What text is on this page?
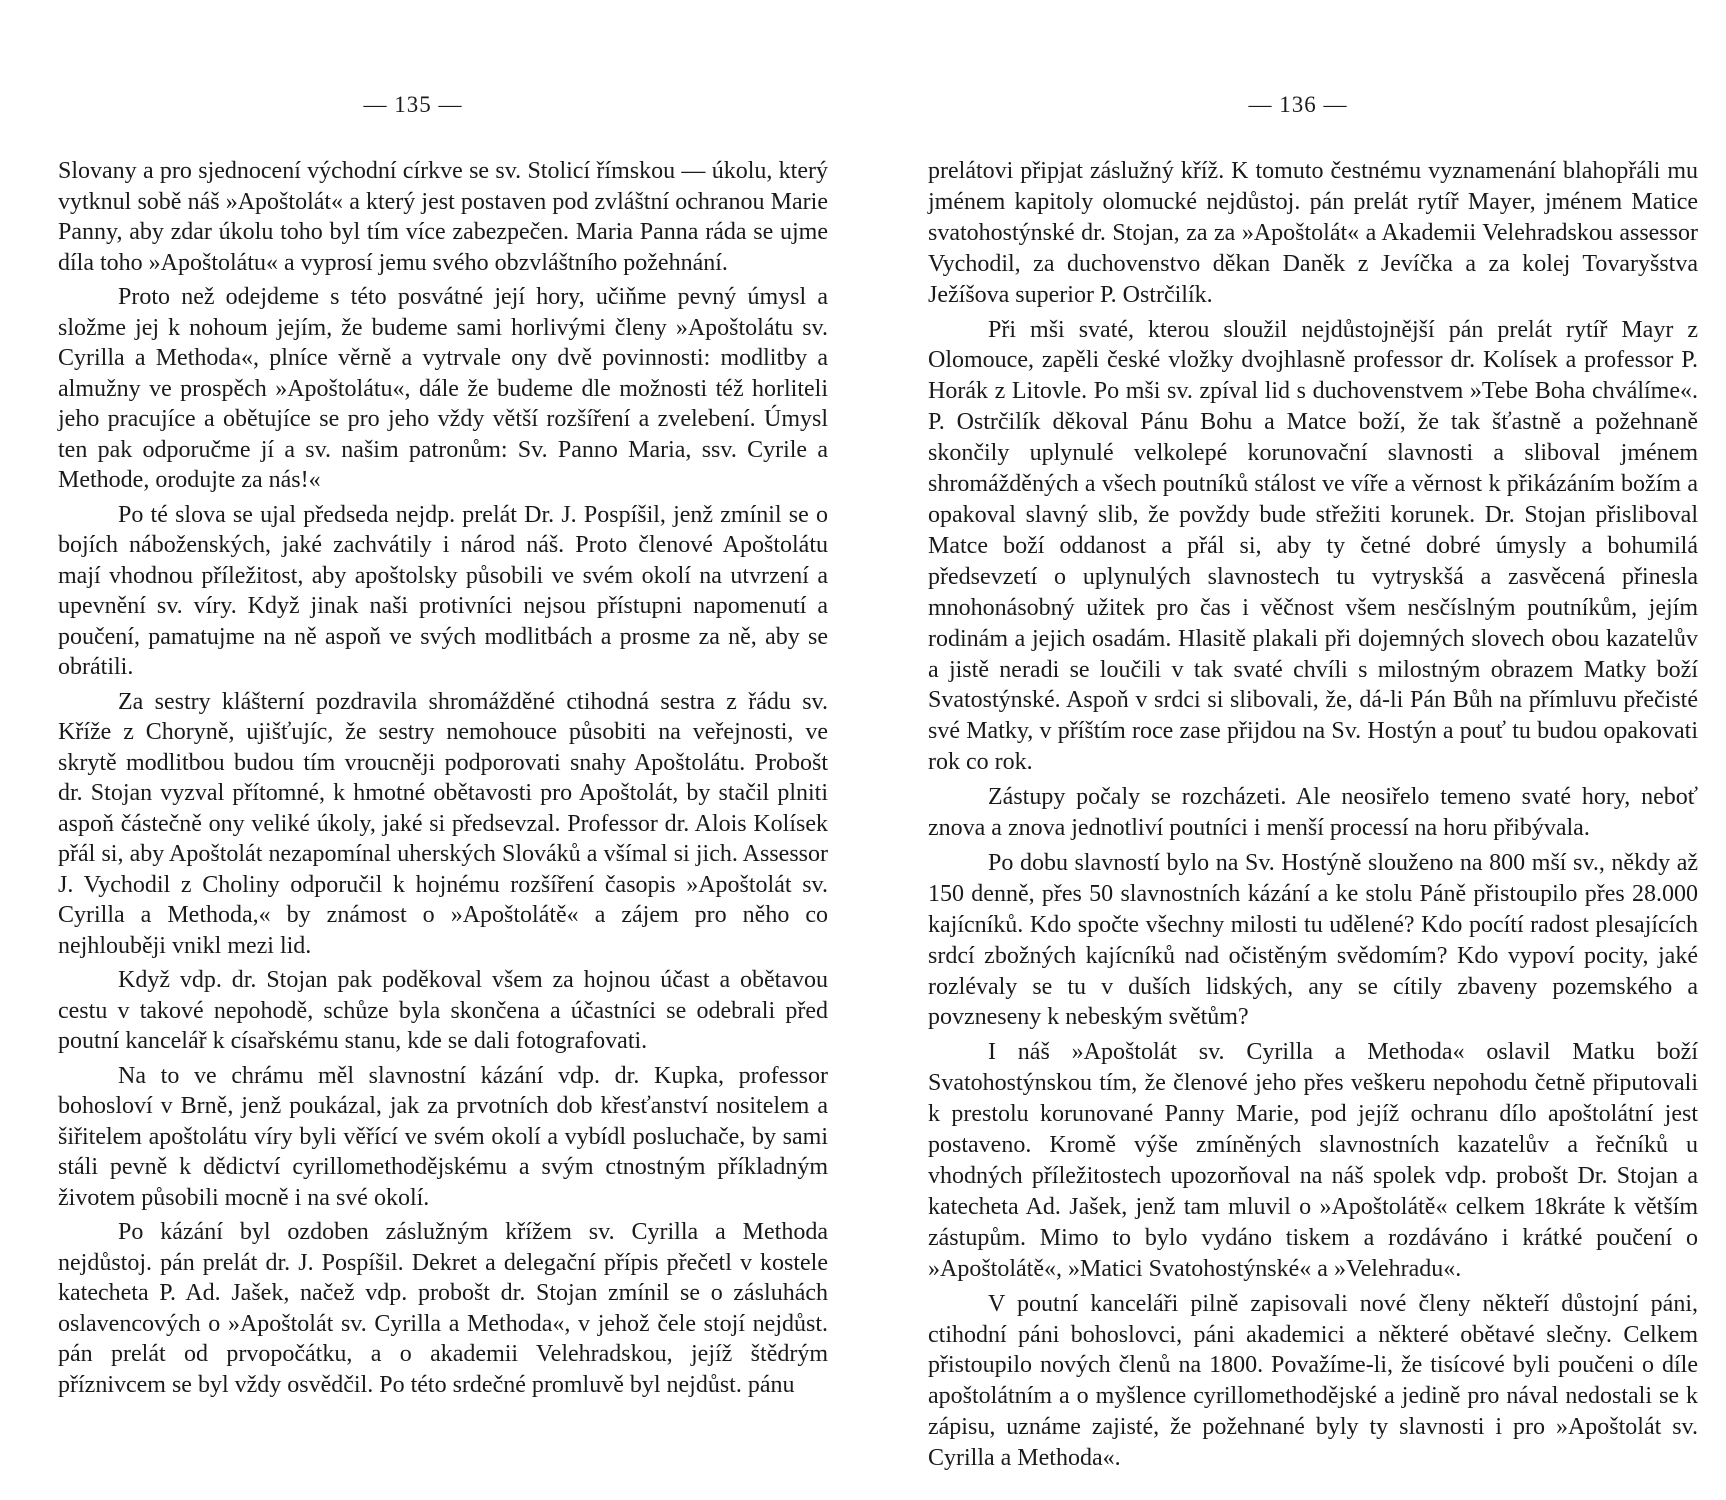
— 135 —

Slovany a pro sjednocení východní církve se sv. Stolicí římskou — úkolu, který vytknul sobě náš »Apoštolát« a který jest postaven pod zvláštní ochranou Marie Panny, aby zdar úkolu toho byl tím více zabezpečen. Maria Panna ráda se ujme díla toho »Apoštolátu« a vyprosí jemu svého obzvláštního požehnání.

Proto než odejdeme s této posvátné její hory, učiňme pevný úmysl a složme jej k nohoum jejím, že budeme sami horlivými členy »Apoštolátu sv. Cyrilla a Methoda«, plníce věrně a vytrvale ony dvě povinnosti: modlitby a almužny ve prospěch »Apoštolátu«, dále že budeme dle možnosti též horliteli jeho pracujíce a obětujíce se pro jeho vždy větší rozšíření a zvelebení. Úmysl ten pak odporučme jí a sv. našim patronům: Sv. Panno Maria, ssv. Cyrile a Methode, orodujte za nás!«

Po té slova se ujal předseda nejdp. prelát Dr. J. Pospíšil, jenž zmínil se o bojích náboženských, jaké zachvátily i národ náš. Proto členové Apoštolátu mají vhodnou příležitost, aby apoštolsky působili ve svém okolí na utvrzení a upevnění sv. víry. Když jinak naši protivníci nejsou přístupni napomenutí a poučení, pamatujme na ně aspoň ve svých modlitbách a prosme za ně, aby se obrátili.

Za sestry klášterní pozdravila shromážděné ctihodná sestra z řádu sv. Kříže z Choryně, ujišťujíc, že sestry nemohouce působiti na veřejnosti, ve skrytě modlitbou budou tím vroucněji podporovati snahy Apoštolátu. Probošt dr. Stojan vyzval přítomné, k hmotné obětavosti pro Apoštolát, by stačil plniti aspoň částečně ony veliké úkoly, jaké si předsevzal. Professor dr. Alois Kolísek přál si, aby Apoštolát nezapomínal uherských Slováků a všímal si jich. Assessor J. Vychodil z Choliny odporučil k hojnému rozšíření časopis »Apoštolát sv. Cyrilla a Methoda,« by známost o »Apoštolátě« a zájem pro něho co nejhlouběji vnikl mezi lid.

Když vdp. dr. Stojan pak poděkoval všem za hojnou účast a obětavou cestu v takové nepohodě, schůze byla skončena a účastníci se odebrali před poutní kancelář k císařskému stanu, kde se dali fotografovati.

Na to ve chrámu měl slavnostní kázání vdp. dr. Kupka, professor bohosloví v Brně, jenž poukázal, jak za prvotních dob křesťanství nositelem a šiřitelem apoštolátu víry byli věřící ve svém okolí a vybídl posluchače, by sami stáli pevně k dědictví cyrillomethodějskému a svým ctnostným příkladným životem působili mocně i na své okolí.

Po kázání byl ozdoben záslužným křížem sv. Cyrilla a Methoda nejdůstoj. pán prelát dr. J. Pospíšil. Dekret a delegační přípis přečetl v kostele katecheta P. Ad. Jašek, načež vdp. probošt dr. Stojan zmínil se o zásluhách oslavencových o »Apoštolát sv. Cyrilla a Methoda«, v jehož čele stojí nejdůst. pán prelát od prvopočátku, a o akademii Velehradskou, jejíž štědrým příznivcem se byl vždy osvědčil. Po této srdečné promluvě byl nejdůst. pánu

— 136 —

prelátovi připjat záslužný kříž. K tomuto čestnému vyznamenání blahopřáli mu jménem kapitoly olomucké nejdůstoj. pán prelát rytíř Mayer, jménem Matice svatohostýnské dr. Stojan, za za »Apoštolát« a Akademii Velehradskou assessor Vychodil, za duchovenstvo děkan Daněk z Jevíčka a za kolej Tovaryšstva Ježíšova superior P. Ostrčilík.

Při mši svaté, kterou sloužil nejdůstojnější pán prelát rytíř Mayr z Olomouce, zapěli české vložky dvojhlasně professor dr. Kolísek a professor P. Horák z Litovle. Po mši sv. zpíval lid s duchovenstvem »Tebe Boha chválíme«. P. Ostrčilík děkoval Pánu Bohu a Matce boží, že tak šťastně a požehnaně skončily uplynulé velkolepé korunovační slavnosti a sliboval jménem shromážděných a všech poutníků stálost ve víře a věrnost k přikázáním božím a opakoval slavný slib, že povždy bude střežiti korunek. Dr. Stojan přisliboval Matce boží oddanost a přál si, aby ty četné dobré úmysly a bohumilá předsevzetí o uplynulých slavnostech tu vytryskšá a zasvěcená přinesla mnohonásobný užitek pro čas i věčnost všem nesčíslným poutníkům, jejím rodinám a jejich osadám. Hlasitě plakali při dojemných slovech obou kazatelův a jistě neradi se loučili v tak svaté chvíli s milostným obrazem Matky boží Svatostýnské. Aspoň v srdci si slibovali, že, dá-li Pán Bůh na přímluvu přečisté své Matky, v příštím roce zase přijdou na Sv. Hostýn a pouť tu budou opakovati rok co rok.

Zástupy počaly se rozcházeti. Ale neosiřelo temeno svaté hory, neboť znova a znova jednotliví poutníci i menší processí na horu přibývala.

Po dobu slavností bylo na Sv. Hostýně slouženo na 800 mší sv., někdy až 150 denně, přes 50 slavnostních kázání a ke stolu Páně přistoupilo přes 28.000 kajícníků. Kdo spočte všechny milosti tu udělené? Kdo pocítí radost plesajících srdcí zbožných kajícníků nad očistěným svědomím? Kdo vypoví pocity, jaké rozlévaly se tu v duších lidských, any se cítily zbaveny pozemského a povzneseny k nebeským světům?

I náš »Apoštolát sv. Cyrilla a Methoda« oslavil Matku boží Svatohostýnskou tím, že členové jeho přes veškeru nepohodu četně připutovali k prestolu korunované Panny Marie, pod jejíž ochranu dílo apoštolátní jest postaveno. Kromě výše zmíněných slavnostních kazatelův a řečníků u vhodných příležitostech upozorňoval na náš spolek vdp. probošt Dr. Stojan a katecheta Ad. Jašek, jenž tam mluvil o »Apoštolátě« celkem 18kráte k větším zástupům. Mimo to bylo vydáno tiskem a rozdáváno i krátké poučení o »Apoštolátě«, »Matici Svatohostýnské« a »Velehradu«.

V poutní kanceláři pilně zapisovali nové členy někteří důstojní páni, ctihodní páni bohoslovci, páni akademici a některé obětavé slečny. Celkem přistoupilo nových členů na 1800. Považíme-li, že tisícové byli poučeni o díle apoštolátním a o myšlence cyrillomethodějské a jedině pro nával nedostali se k zápisu, uznáme zajisté, že požehnané byly ty slavnosti i pro »Apoštolát sv. Cyrilla a Methoda«.
